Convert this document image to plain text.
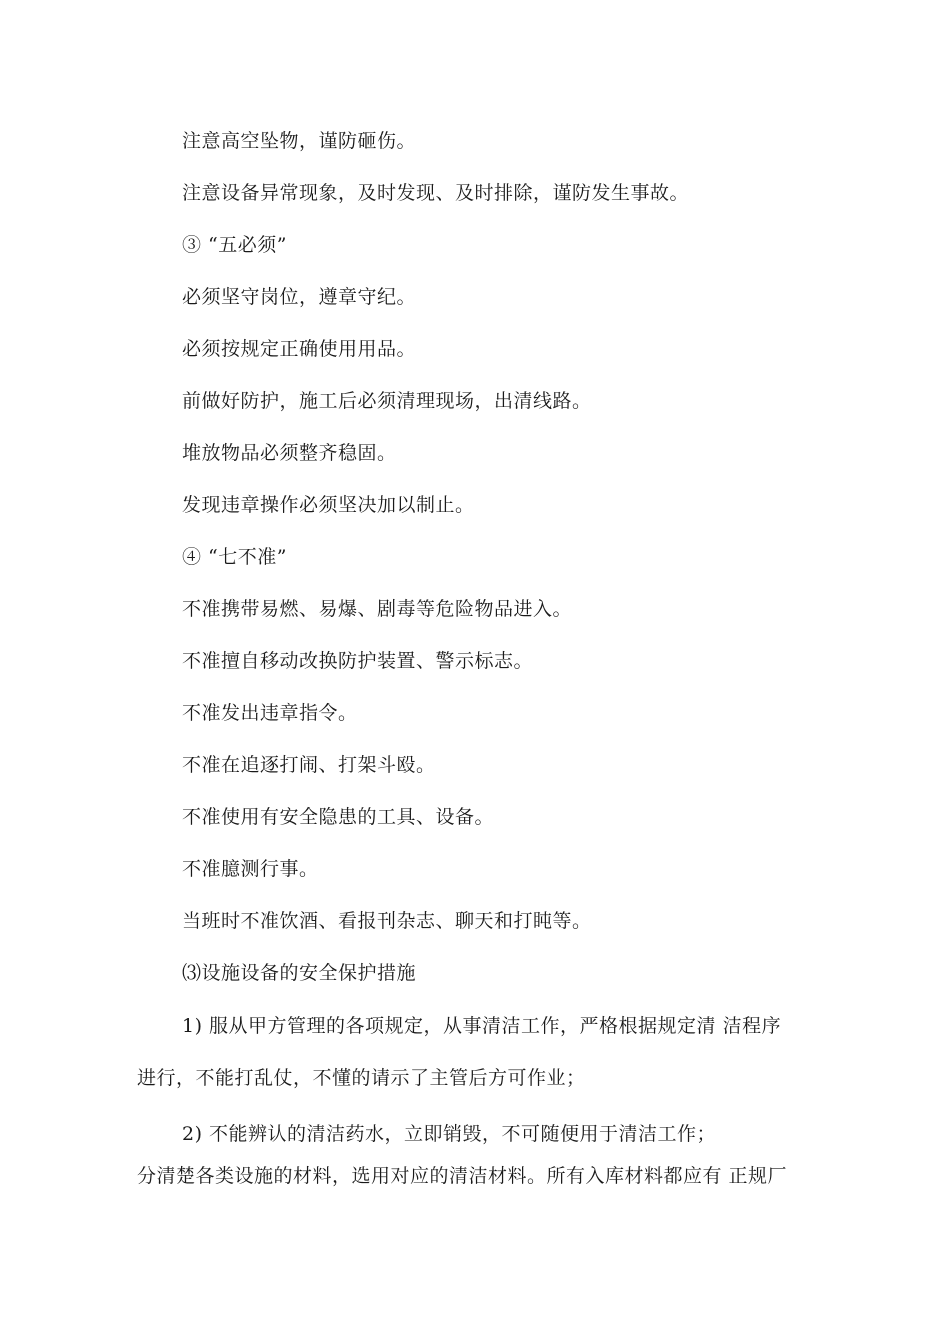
注意高空坠物，谨防砸伤。
注意设备异常现象，及时发现、及时排除，谨防发生事故。
③ “五必须”
必须坚守岗位，遵章守纪。
必须按规定正确使用用品。
前做好防护，施工后必须清理现场，出清线路。
堆放物品必须整齐稳固。
发现违章操作必须坚决加以制止。
④ “七不准”
不准携带易燃、易爆、剧毒等危险物品进入。
不准擅自移动改换防护装置、警示标志。
不准发出违章指令。
不准在追逐打闹、打架斗殴。
不准使用有安全隐患的工具、设备。
不准臆测行事。
当班时不准饮酒、看报刊杂志、聊天和打盹等。
⑶设施设备的安全保护措施
1) 服从甲方管理的各项规定，从事清洁工作，严格根据规定清 洁程序
进行，不能打乱仗，不懂的请示了主管后方可作业；
2) 不能辨认的清洁药水，立即销毁，不可随便用于清洁工作；
分清楚各类设施的材料，选用对应的清洁材料。所有入库材料都应有 正规厂
